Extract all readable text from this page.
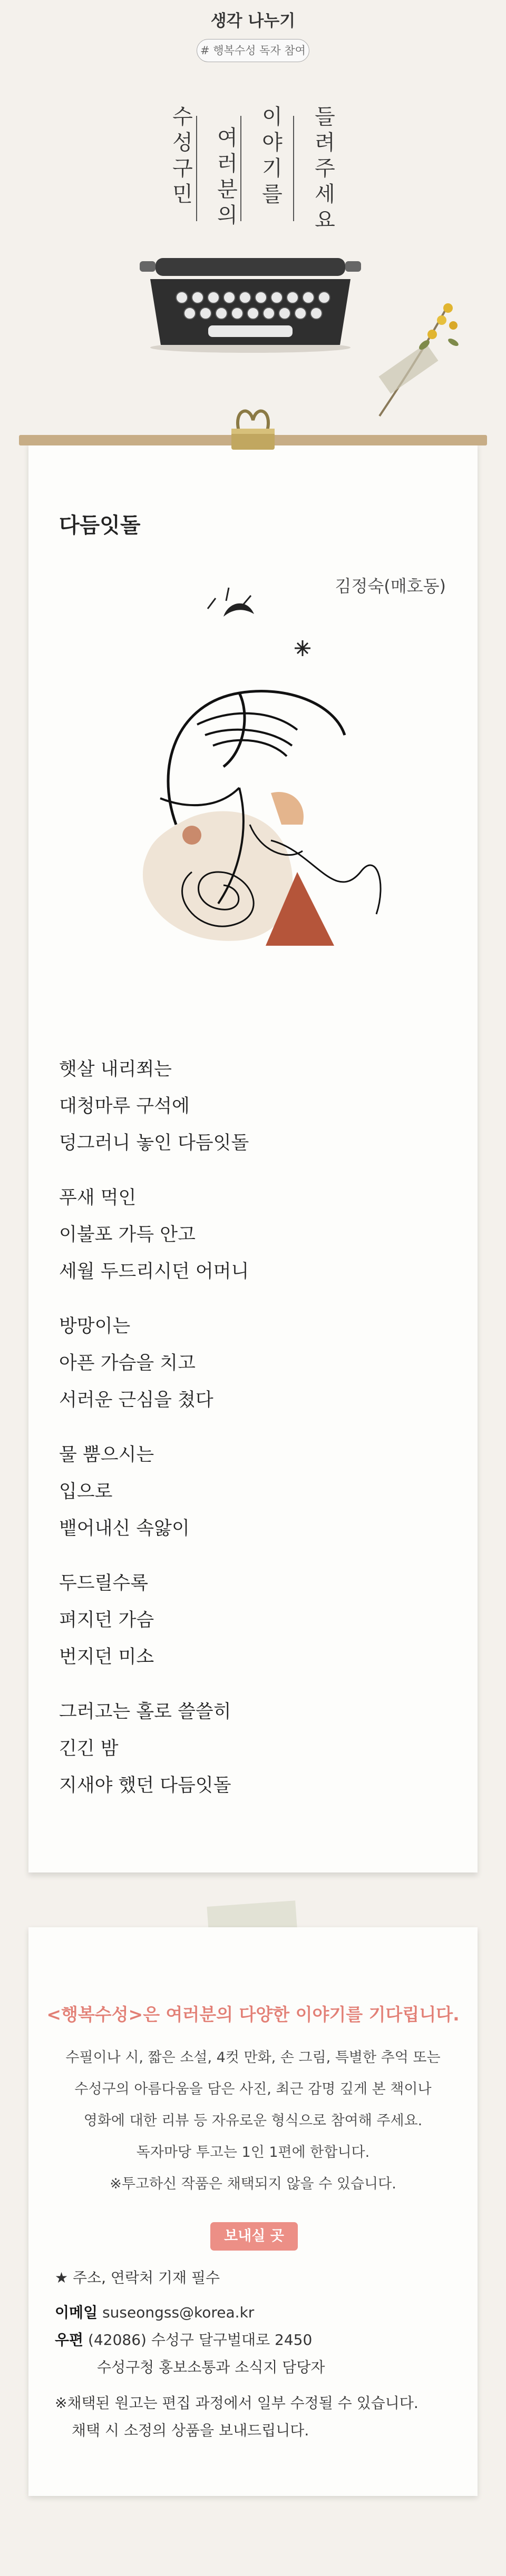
생각 나누기
# 행복수성 독자 참여
들려주세요
이야기를
여러분의
수성구민
다듬잇돌
김정숙(매호동)
햇살 내리쬐는
대청마루 구석에
덩그러니 놓인 다듬잇돌
푸새 먹인
이불포 가득 안고
세월 두드리시던 어머니
방망이는
아픈 가슴을 치고
서러운 근심을 쳤다
물 뿜으시는
입으로
뱉어내신 속앓이
두드릴수록
펴지던 가슴
번지던 미소
그러고는 홀로 쓸쓸히
긴긴 밤
지새야 했던 다듬잇돌
<행복수성>은 여러분의 다양한 이야기를 기다립니다.
수필이나 시, 짧은 소설, 4컷 만화, 손 그림, 특별한 추억 또는
수성구의 아름다움을 담은 사진, 최근 감명 깊게 본 책이나
영화에 대한 리뷰 등 자유로운 형식으로 참여해 주세요.
독자마당 투고는 1인 1편에 한합니다.
※투고하신 작품은 채택되지 않을 수 있습니다.
보내실 곳
★ 주소, 연락처 기재 필수
이메일 suseongss@korea.kr
우편 (42086) 수성구 달구벌대로 2450
수성구청 홍보소통과 소식지 담당자
※채택된 원고는 편집 과정에서 일부 수정될 수 있습니다.
채택 시 소정의 상품을 보내드립니다.
